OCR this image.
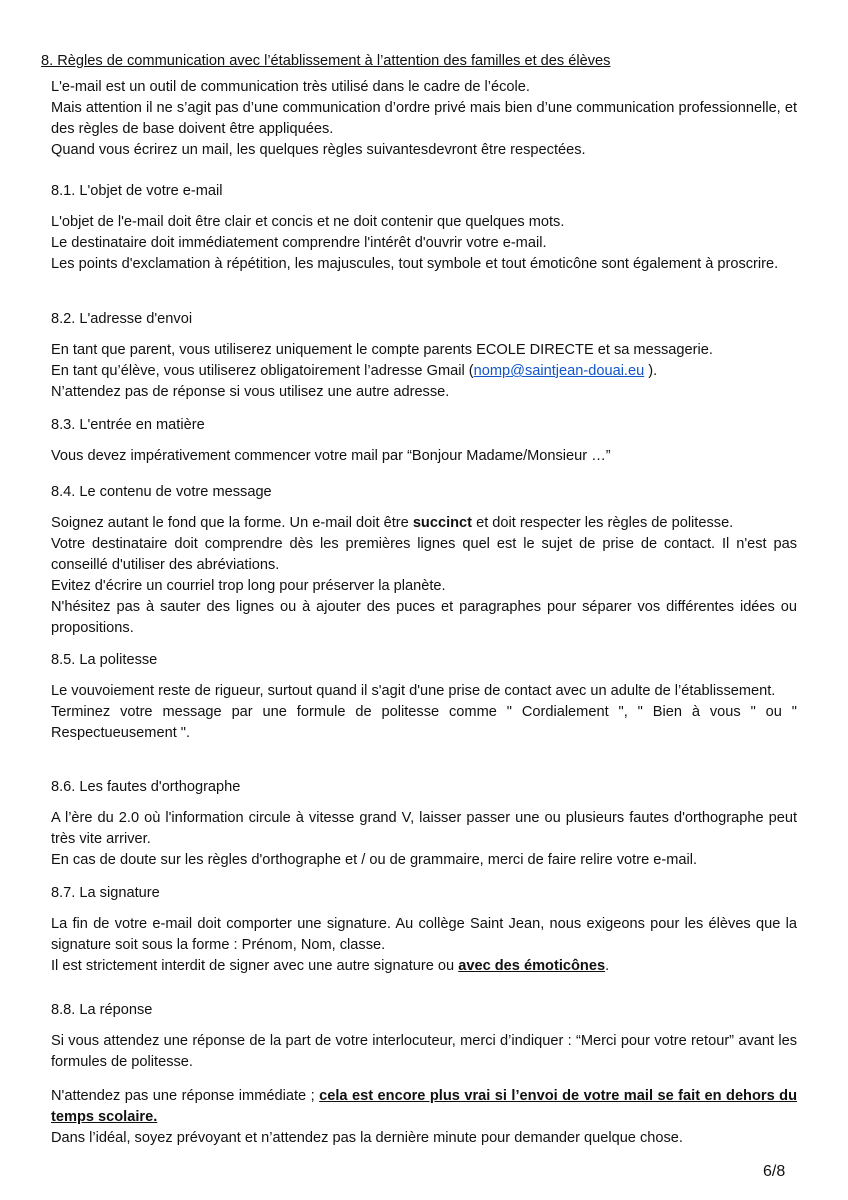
8. Règles de communication avec l’établissement à l’attention des familles et des élèves

L'e-mail est un outil de communication très utilisé dans le cadre de l’école.

Mais attention il ne s’agit pas d’une communication d’ordre privé mais bien d’une communication professionnelle, et des règles de base doivent être appliquées.

Quand vous écrirez un mail, les quelques règles suivantesdevront être respectées.

8.1. L'objet de votre e-mail

L'objet de l'e-mail doit être clair et concis et ne doit contenir que quelques mots.

Le destinataire doit immédiatement comprendre l'intérêt d'ouvrir votre e-mail.

Les points d'exclamation à répétition, les majuscules, tout symbole et tout émoticône sont également à proscrire.

8.2. L'adresse d'envoi

En tant que parent, vous utiliserez uniquement le compte parents ECOLE DIRECTE et sa messagerie.

En tant qu’élève, vous utiliserez obligatoirement l’adresse Gmail (nomp@saintjean-douai.eu ).

N’attendez pas de réponse si vous utilisez une autre adresse.

8.3. L'entrée en matière

Vous devez impérativement commencer votre mail par “Bonjour Madame/Monsieur …”

8.4. Le contenu de votre message

Soignez autant le fond que la forme. Un e-mail doit être succinct et doit respecter les règles de politesse.

Votre destinataire doit comprendre dès les premières lignes quel est le sujet de prise de contact. Il n'est pas conseillé d'utiliser des abréviations.

Evitez d'écrire un courriel trop long pour préserver la planète.

N'hésitez pas à sauter des lignes ou à ajouter des puces et paragraphes pour séparer vos différentes idées ou propositions.

8.5. La politesse

Le vouvoiement reste de rigueur, surtout quand il s'agit d'une prise de contact avec un adulte de l’établissement.

Terminez votre message par une formule de politesse comme " Cordialement ", " Bien à vous " ou " Respectueusement ".

8.6. Les fautes d'orthographe

A l’ère du 2.0 où l'information circule à vitesse grand V, laisser passer une ou plusieurs fautes d'orthographe peut très vite arriver.

En cas de doute sur les règles d'orthographe et / ou de grammaire, merci de faire relire votre e-mail.

8.7. La signature

La fin de votre e-mail doit comporter une signature. Au collège Saint Jean, nous exigeons pour les élèves que la signature soit sous la forme : Prénom, Nom, classe.

Il est strictement interdit de signer avec une autre signature ou avec des émoticônes.

8.8. La réponse

Si vous attendez une réponse de la part de votre interlocuteur, merci d’indiquer : “Merci pour votre retour” avant les formules de politesse.

N'attendez pas une réponse immédiate ; cela est encore plus vrai si l’envoi de votre mail se fait en dehors du temps scolaire.

Dans l’idéal, soyez prévoyant et n’attendez pas la dernière minute pour demander quelque chose.

6/8
